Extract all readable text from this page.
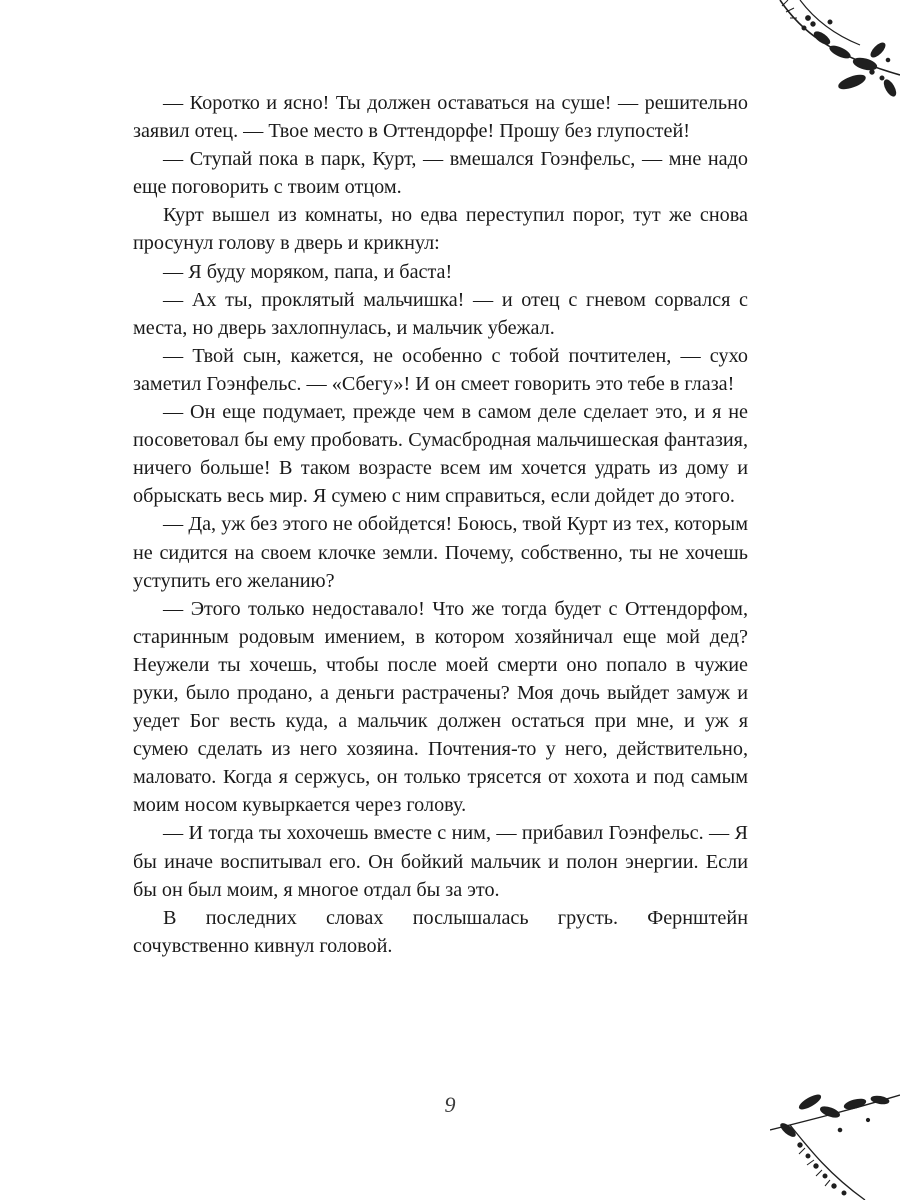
— Коротко и ясно! Ты должен оставаться на суше! — решительно заявил отец. — Твое место в Оттендорфе! Прошу без глупостей!

— Ступай пока в парк, Курт, — вмешался Гоэнфельс, — мне надо еще поговорить с твоим отцом.

Курт вышел из комнаты, но едва переступил порог, тут же снова просунул голову в дверь и крикнул:

— Я буду моряком, папа, и баста!

— Ах ты, проклятый мальчишка! — и отец с гневом сорвался с места, но дверь захлопнулась, и мальчик убежал.

— Твой сын, кажется, не особенно с тобой почтителен, — сухо заметил Гоэнфельс. — «Сбегу»! И он смеет говорить это тебе в глаза!

— Он еще подумает, прежде чем в самом деле сделает это, и я не посоветовал бы ему пробовать. Сумасбродная мальчишеская фантазия, ничего больше! В таком возрасте всем им хочется удрать из дому и обрыскать весь мир. Я сумею с ним справиться, если дойдет до этого.

— Да, уж без этого не обойдется! Боюсь, твой Курт из тех, которым не сидится на своем клочке земли. Почему, собственно, ты не хочешь уступить его желанию?

— Этого только недоставало! Что же тогда будет с Оттендорфом, старинным родовым имением, в котором хозяйничал еще мой дед? Неужели ты хочешь, чтобы после моей смерти оно попало в чужие руки, было продано, а деньги растрачены? Моя дочь выйдет замуж и уедет Бог весть куда, а мальчик должен остаться при мне, и уж я сумею сделать из него хозяина. Почтения-то у него, действительно, маловато. Когда я сержусь, он только трясется от хохота и под самым моим носом кувыркается через голову.

— И тогда ты хохочешь вместе с ним, — прибавил Гоэнфельс. — Я бы иначе воспитывал его. Он бойкий мальчик и полон энергии. Если бы он был моим, я многое отдал бы за это.

В последних словах послышалась грусть. Фернштейн сочувственно кивнул головой.

9
